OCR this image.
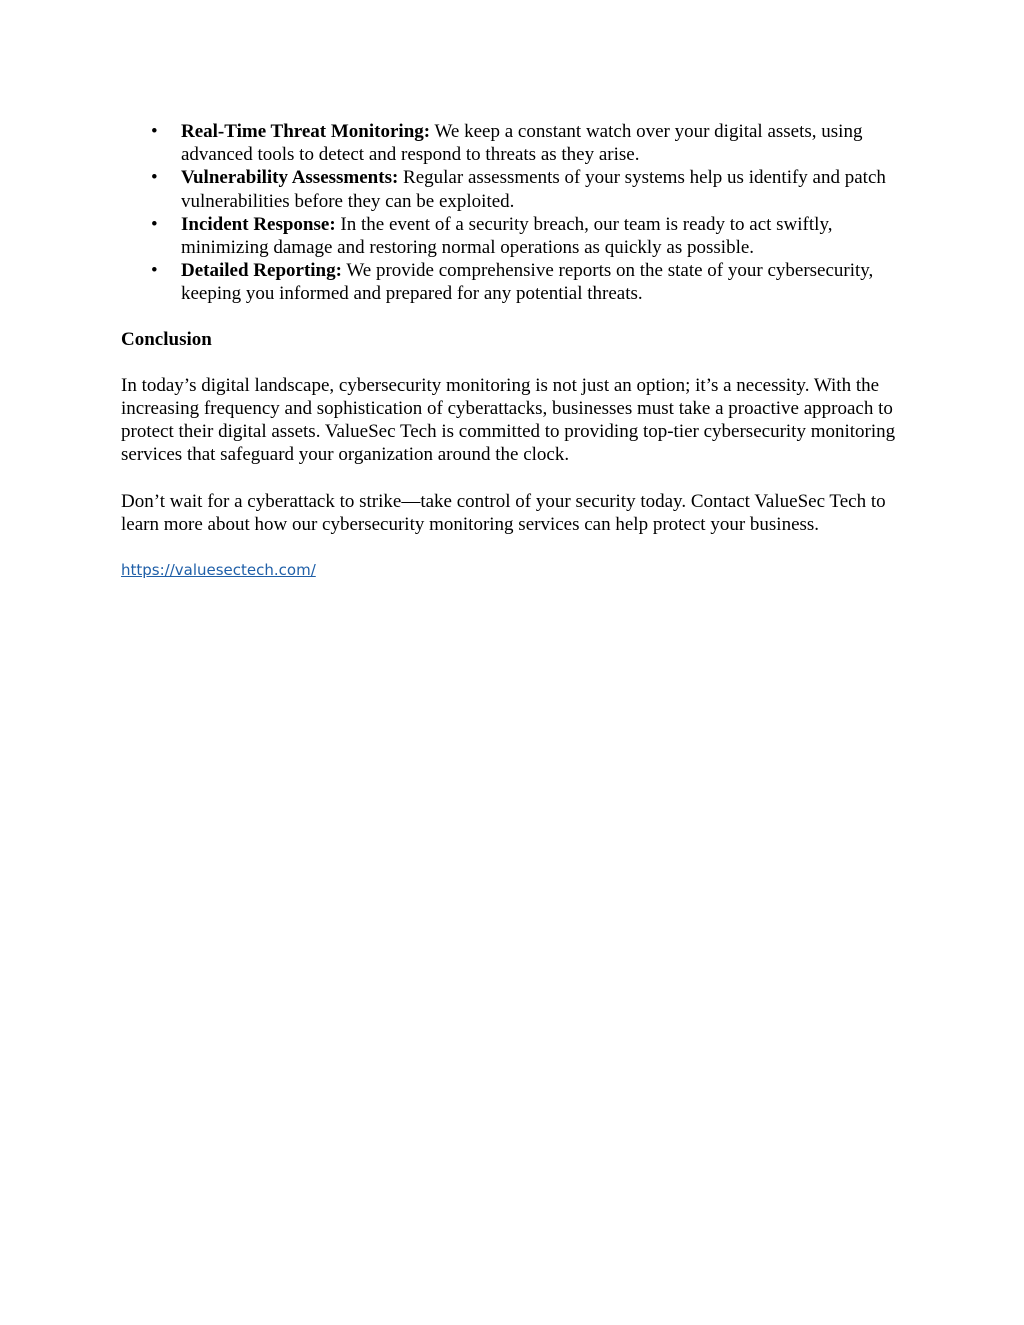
• Real-Time Threat Monitoring: We keep a constant watch over your digital assets, using advanced tools to detect and respond to threats as they arise.
• Vulnerability Assessments: Regular assessments of your systems help us identify and patch vulnerabilities before they can be exploited.
• Incident Response: In the event of a security breach, our team is ready to act swiftly, minimizing damage and restoring normal operations as quickly as possible.
• Detailed Reporting: We provide comprehensive reports on the state of your cybersecurity, keeping you informed and prepared for any potential threats.
Conclusion

In today’s digital landscape, cybersecurity monitoring is not just an option; it’s a necessity. With the increasing frequency and sophistication of cyberattacks, businesses must take a proactive approach to protect their digital assets. ValueSec Tech is committed to providing top-tier cybersecurity monitoring services that safeguard your organization around the clock.

Don’t wait for a cyberattack to strike—take control of your security today. Contact ValueSec Tech to learn more about how our cybersecurity monitoring services can help protect your business.

https://valuesectech.com/
